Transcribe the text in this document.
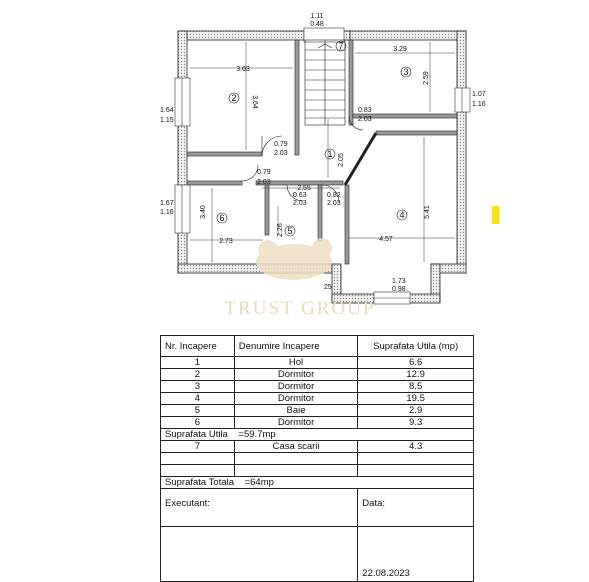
1.11
0.48
3.29
2.59
1.07
1.16
3.63
3.64
1.64
1.15
0.79
2.03
0.83
2.03
2.05
0.79
2.03
2.55
0.63
2.03
0.82
2.03
1.67
1.16	3.40
2.73
2.26
5.41
4.57
1.73
0.98
25
1
2
3
4
5
6
7
TRUST GROUP
Nr. Incapere	Denumire Incapere	Suprafata Utila (mp)
1	Hol	6.6
2	Dormitor	12.9
3	Dormitor	8.5
4	Dormitor	19.5
5	Baie	2.9
6	Dormitor	9.3
Suprafata Utila =59.7mp		
7	Casa scarii	4.3

Suprafata Totala =64mp		
Executant:		Data:
		22.08.2023
